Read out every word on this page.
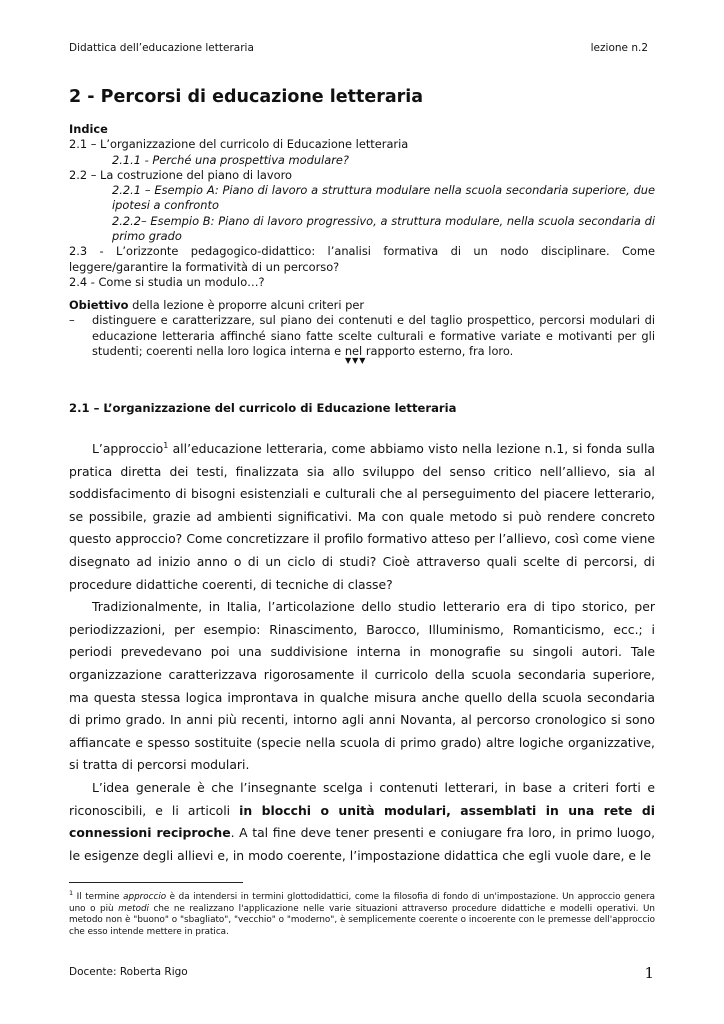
Didattica dell’educazione letteraria	lezione n.2
2 - Percorsi di educazione letteraria
Indice
2.1 – L’organizzazione del curricolo di Educazione letteraria
2.1.1 - Perché una prospettiva modulare?
2.2 – La costruzione del piano di lavoro
2.2.1 – Esempio A: Piano di lavoro a struttura modulare nella scuola secondaria superiore, due ipotesi a confronto
2.2.2– Esempio B: Piano di lavoro progressivo, a struttura modulare, nella scuola secondaria di primo grado
2.3 - L’orizzonte pedagogico-didattico: l’analisi formativa di un nodo disciplinare. Come leggere/garantire la formatività di un percorso?
2.4 - Come si studia un modulo…?
Obiettivo della lezione è proporre alcuni criteri per
–	distinguere e caratterizzare, sul piano dei contenuti e del taglio prospettico, percorsi modulari di educazione letteraria affinché siano fatte scelte culturali e formative variate e motivanti per gli studenti; coerenti nella loro logica interna e nel rapporto esterno, fra loro.
▼▼▼
2.1 – L’organizzazione del curricolo di Educazione letteraria

L’approccio$^1$ all’educazione letteraria, come abbiamo visto nella lezione n.1, si fonda sulla pratica diretta dei testi, finalizzata sia allo sviluppo del senso critico nell’allievo, sia al soddisfacimento di bisogni esistenziali e culturali che al perseguimento del piacere letterario, se possibile, grazie ad ambienti significativi. Ma con quale metodo si può rendere concreto questo approccio? Come concretizzare il profilo formativo atteso per l’allievo, così come viene disegnato ad inizio anno o di un ciclo di studi? Cioè attraverso quali scelte di percorsi, di procedure didattiche coerenti, di tecniche di classe?

Tradizionalmente, in Italia, l’articolazione dello studio letterario era di tipo storico, per periodizzazioni, per esempio: Rinascimento, Barocco, Illuminismo, Romanticismo, ecc.; i periodi prevedevano poi una suddivisione interna in monografie su singoli autori. Tale organizzazione caratterizzava rigorosamente il curricolo della scuola secondaria superiore, ma questa stessa logica improntava in qualche misura anche quello della scuola secondaria di primo grado. In anni più recenti, intorno agli anni Novanta, al percorso cronologico si sono affiancate e spesso sostituite (specie nella scuola di primo grado) altre logiche organizzative, si tratta di percorsi modulari.

L’idea generale è che l’insegnante scelga i contenuti letterari, in base a criteri forti e riconoscibili, e li articoli in blocchi o unità modulari, assemblati in una rete di connessioni reciproche. A tal fine deve tener presenti e coniugare fra loro, in primo luogo, le esigenze degli allievi e, in modo coerente, l’impostazione didattica che egli vuole dare, e le

$^1$ Il termine approccio è da intendersi in termini glottodidattici, come la filosofia di fondo di un'impostazione. Un approccio genera uno o più metodi che ne realizzano l'applicazione nelle varie situazioni attraverso procedure didattiche e modelli operativi. Un metodo non è "buono" o "sbagliato", "vecchio" o "moderno", è semplicemente coerente o incoerente con le premesse dell'approccio che esso intende mettere in pratica.
Docente: Roberta Rigo	1
